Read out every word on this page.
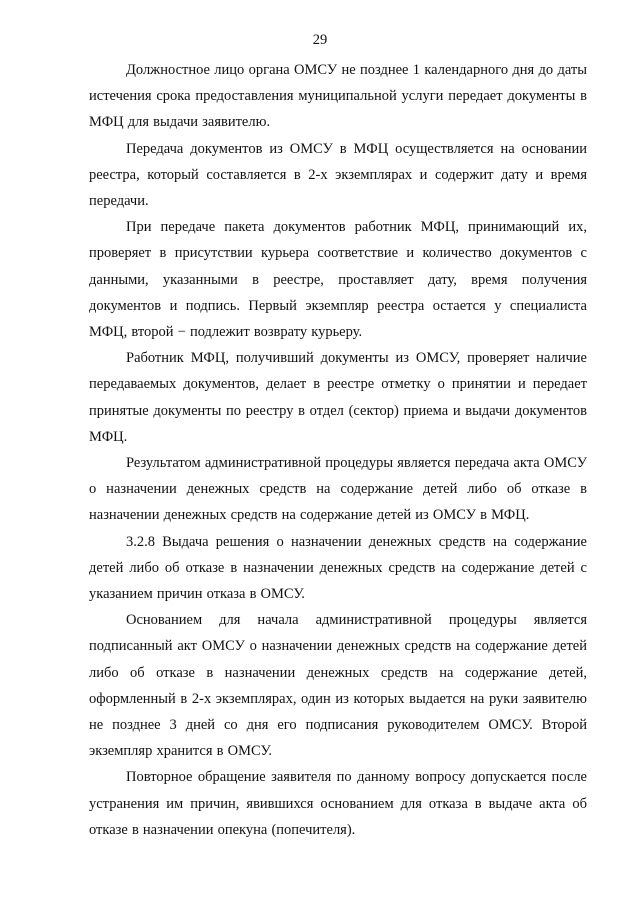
29

Должностное лицо органа ОМСУ не позднее 1 календарного дня до даты истечения срока предоставления муниципальной услуги передает документы в МФЦ для выдачи заявителю.

Передача документов из ОМСУ в МФЦ осуществляется на основании реестра, который составляется в 2-х экземплярах и содержит дату и время передачи.

При передаче пакета документов работник МФЦ, принимающий их, проверяет в присутствии курьера соответствие и количество документов с данными, указанными в реестре, проставляет дату, время получения документов и подпись. Первый экземпляр реестра остается у специалиста МФЦ, второй − подлежит возврату курьеру.

Работник МФЦ, получивший документы из ОМСУ, проверяет наличие передаваемых документов, делает в реестре отметку о принятии и передает принятые документы по реестру в отдел (сектор) приема и выдачи документов МФЦ.

Результатом административной процедуры является передача акта ОМСУ о назначении денежных средств на содержание детей либо об отказе в назначении денежных средств на содержание детей из ОМСУ в МФЦ.

3.2.8 Выдача решения о назначении денежных средств на содержание детей либо об отказе в назначении денежных средств на содержание детей с указанием причин отказа в ОМСУ.

Основанием для начала административной процедуры является подписанный акт ОМСУ о назначении денежных средств на содержание детей либо об отказе в назначении денежных средств на содержание детей, оформленный в 2-х экземплярах, один из которых выдается на руки заявителю не позднее 3 дней со дня его подписания руководителем ОМСУ. Второй экземпляр хранится в ОМСУ.

Повторное обращение заявителя по данному вопросу допускается после устранения им причин, явившихся основанием для отказа в выдаче акта об отказе в назначении опекуна (попечителя).
